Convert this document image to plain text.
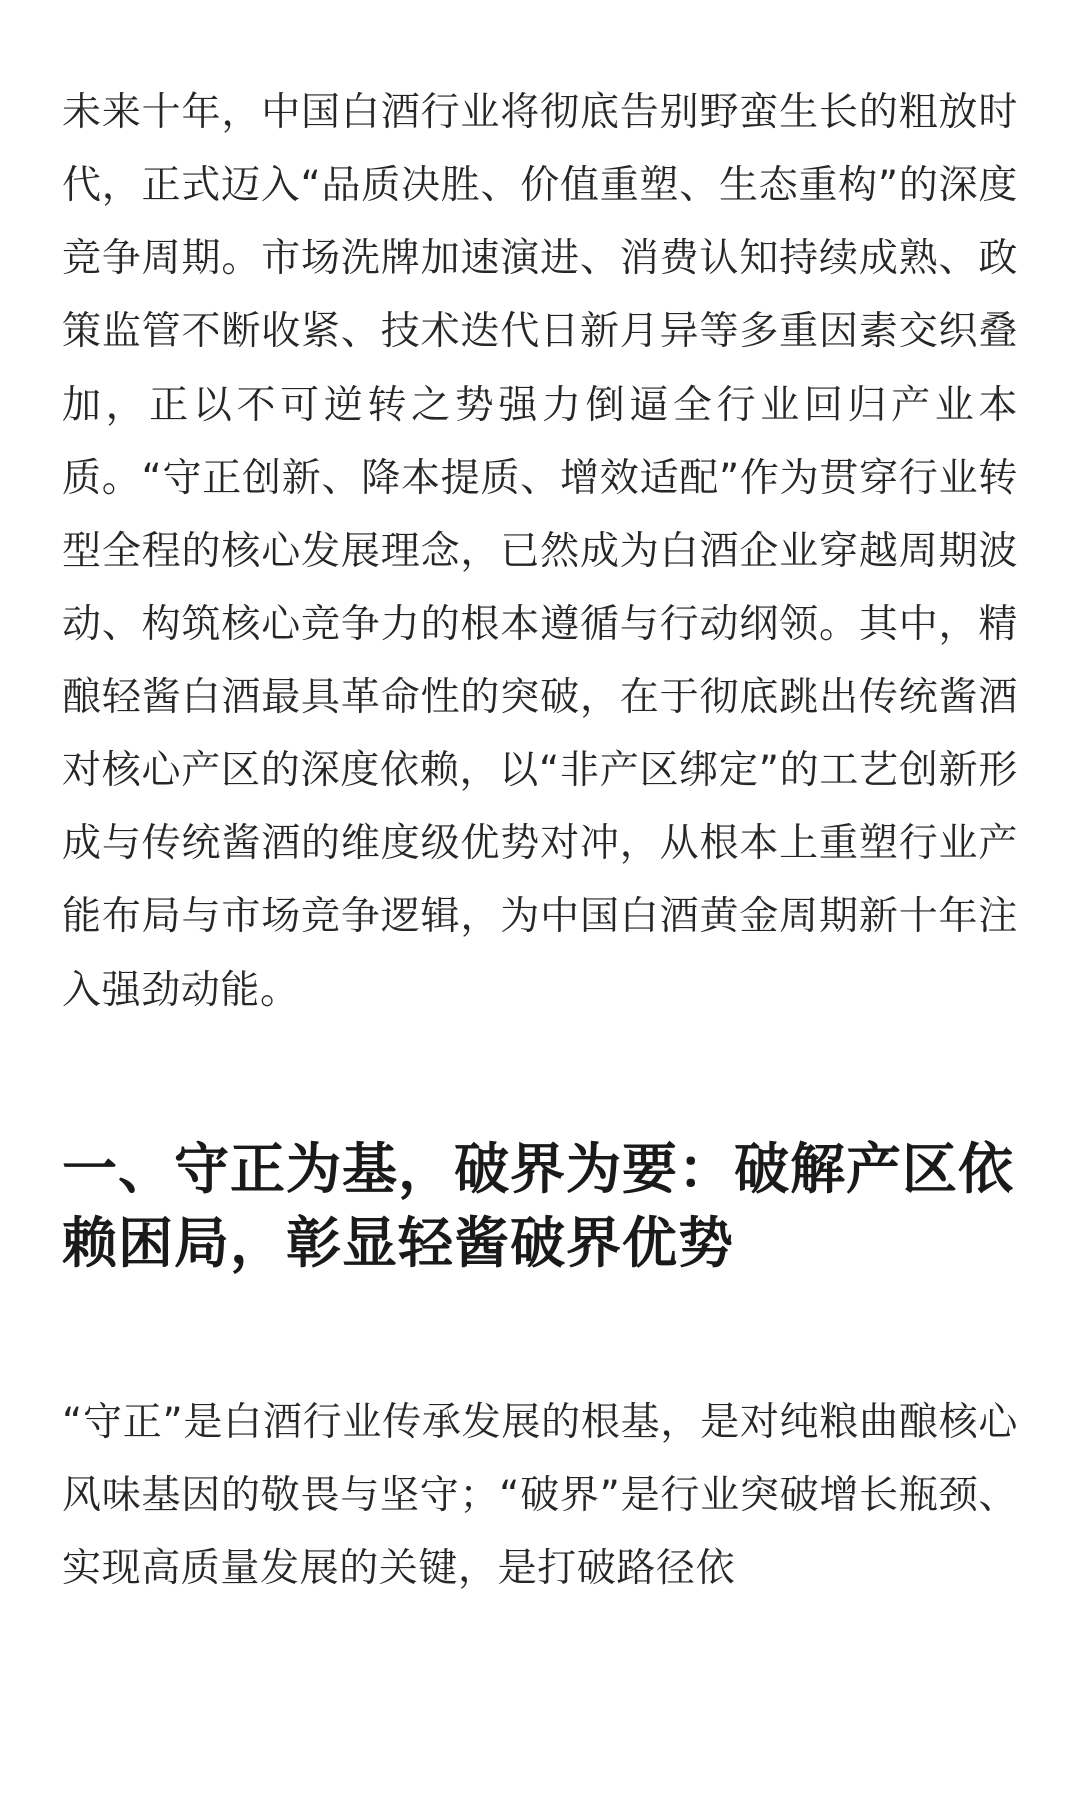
未来十年，中国白酒行业将彻底告别野蛮生长的粗放时代，正式迈入“品质决胜、价值重塑、生态重构”的深度竞争周期。市场洗牌加速演进、消费认知持续成熟、政策监管不断收紧、技术迭代日新月异等多重因素交织叠加，正以不可逆转之势强力倒逼全行业回归产业本质。“守正创新、降本提质、增效适配”作为贯穿行业转型全程的核心发展理念，已然成为白酒企业穿越周期波动、构筑核心竞争力的根本遵循与行动纲领。其中，精酿轻酱白酒最具革命性的突破，在于彻底跳出传统酱酒对核心产区的深度依赖，以“非产区绑定”的工艺创新形成与传统酱酒的维度级优势对冲，从根本上重塑行业产能布局与市场竞争逻辑，为中国白酒黄金周期新十年注入强劲动能。

一、守正为基，破界为要：破解产区依赖困局，彰显轻酱破界优势

“守正”是白酒行业传承发展的根基，是对纯粮曲酿核心风味基因的敬畏与坚守；“破界”是行业突破增长瓶颈、实现高质量发展的关键，是打破路径依
